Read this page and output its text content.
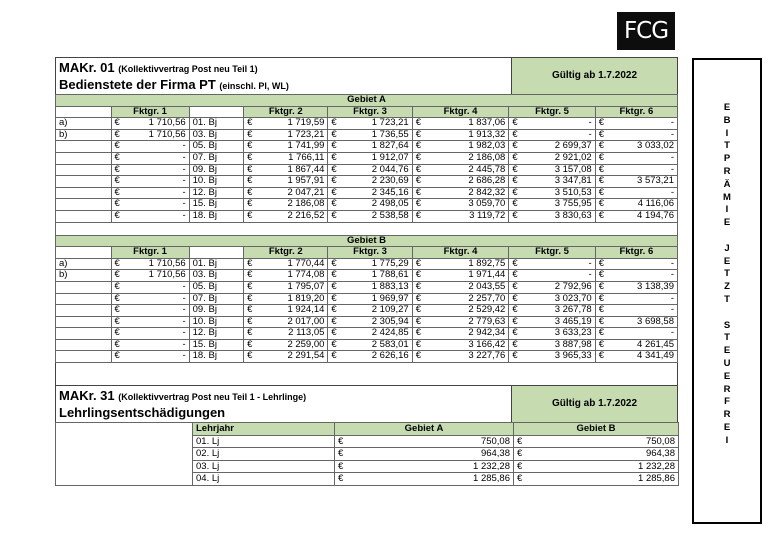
FCG
E
B
I
T
P
R
Ä
M
I
E
J
E
T
Z
T
S
T
E
U
E
R
F
R
E
I
MAKr. 01 (Kollektivvertrag Post neu Teil 1)
Bedienstete der Firma PT (einschl. Pl, WL)
Gültig ab 1.7.2022
Gebiet A													
	Fktgr. 1			Fktgr. 2		Fktgr. 3		Fktgr. 4		Fktgr. 5		Fktgr. 6	
a)	€	1 710,56	01. Bj	€	1 719,59	€	1 723,21	€	1 837,06	€	-	€	-
b)	€	1 710,56	03. Bj	€	1 723,21	€	1 736,55	€	1 913,32	€	-	€	-
	€	-	05. Bj	€	1 741,99	€	1 827,64	€	1 982,03	€	2 699,37	€	3 033,02
	€	-	07. Bj	€	1 766,11	€	1 912,07	€	2 186,08	€	2 921,02	€	-
	€	-	09. Bj	€	1 867,44	€	2 044,76	€	2 445,78	€	3 157,08	€	-
	€	-	10. Bj	€	1 957,91	€	2 230,69	€	2 686,28	€	3 347,81	€	3 573,21
	€	-	12. Bj	€	2 047,21	€	2 345,16	€	2 842,32	€	3 510,53	€	-
	€	-	15. Bj	€	2 186,08	€	2 498,05	€	3 059,70	€	3 755,95	€	4 116,06
	€	-	18. Bj	€	2 216,52	€	2 538,58	€	3 119,72	€	3 830,63	€	4 194,76

Gebiet B													
	Fktgr. 1			Fktgr. 2		Fktgr. 3		Fktgr. 4		Fktgr. 5		Fktgr. 6	
a)	€	1 710,56	01. Bj	€	1 770,44	€	1 775,29	€	1 892,75	€	-	€	-
b)	€	1 710,56	03. Bj	€	1 774,08	€	1 788,61	€	1 971,44	€	-	€	-
	€	-	05. Bj	€	1 795,07	€	1 883,13	€	2 043,55	€	2 792,96	€	3 138,39
	€	-	07. Bj	€	1 819,20	€	1 969,97	€	2 257,70	€	3 023,70	€	-
	€	-	09. Bj	€	1 924,14	€	2 109,27	€	2 529,42	€	3 267,78	€	-
	€	-	10. Bj	€	2 017,00	€	2 305,94	€	2 779,63	€	3 465,19	€	3 698,58
	€	-	12. Bj	€	2 113,05	€	2 424,85	€	2 942,34	€	3 633,23	€	-
	€	-	15. Bj	€	2 259,00	€	2 583,01	€	3 166,42	€	3 887,98	€	4 261,45
	€	-	18. Bj	€	2 291,54	€	2 626,16	€	3 227,76	€	3 965,33	€	4 341,49
MAKr. 31 (Kollektivvertrag Post neu Teil 1 - Lehrlinge)
Lehrlingsentschädigungen
Gültig ab 1.7.2022
	Lehrjahr	Gebiet A		Gebiet B	
	01. Lj	€	750,08	€	750,08
	02. Lj	€	964,38	€	964,38
	03. Lj	€	1 232,28	€	1 232,28
	04. Lj	€	1 285,86	€	1 285,86
